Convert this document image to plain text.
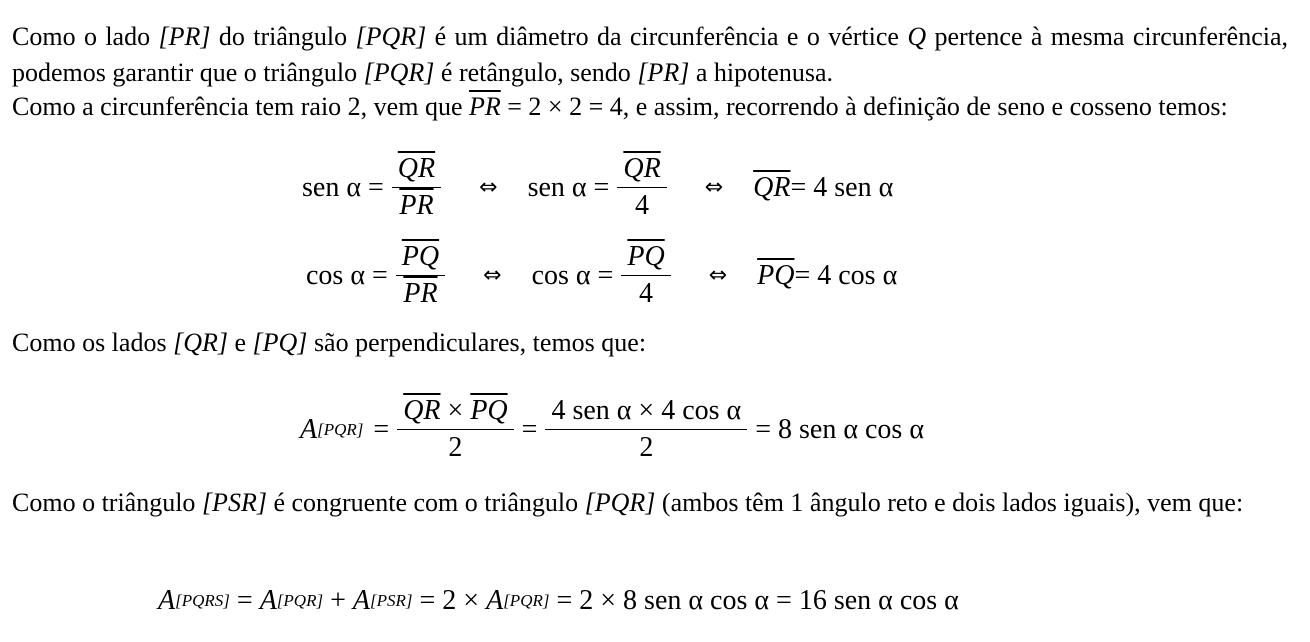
Como o lado [PR] do triângulo [PQR] é um diâmetro da circunferência e o vértice Q pertence à mesma circunferência, podemos garantir que o triângulo [PQR] é retângulo, sendo [PR] a hipotenusa.

Como a circunferência tem raio 2, vem que $\overline{PR} = 2 \times 2 = 4$, e assim, recorrendo à definição de seno e cosseno temos:

sen $\alpha = \frac{\overline{QR}}{PR}$ ⇔ sen $\alpha = \frac{\overline{QR}}{4}$ ⇔ $\overline{QR} = 4$ sen α
$\cos \alpha = \frac{\overline{PQ}}{PR}$ ⇔ $\cos \alpha = \frac{\overline{PQ}}{4}$ ⇔ $\overline{PQ} = 4$ cos α

Como os lados [QR] e [PQ] são perpendiculares, temos que:

A $[PQR] = \frac{\overline{QR} \times \overline{PQ}}{2} = \frac{\text{4 sen α × 4 cos α}}{2} = 8$ sen α cos α

Como o triângulo [PSR] é congruente com o triângulo [PQR] (ambos têm 1 ângulo reto e dois lados iguais), vem que:

A [PQRS] = A [PQR] + A [PSR] = 2 × A [PQR] = 2 × 8 sen α cos α = 16 sen α cos α
